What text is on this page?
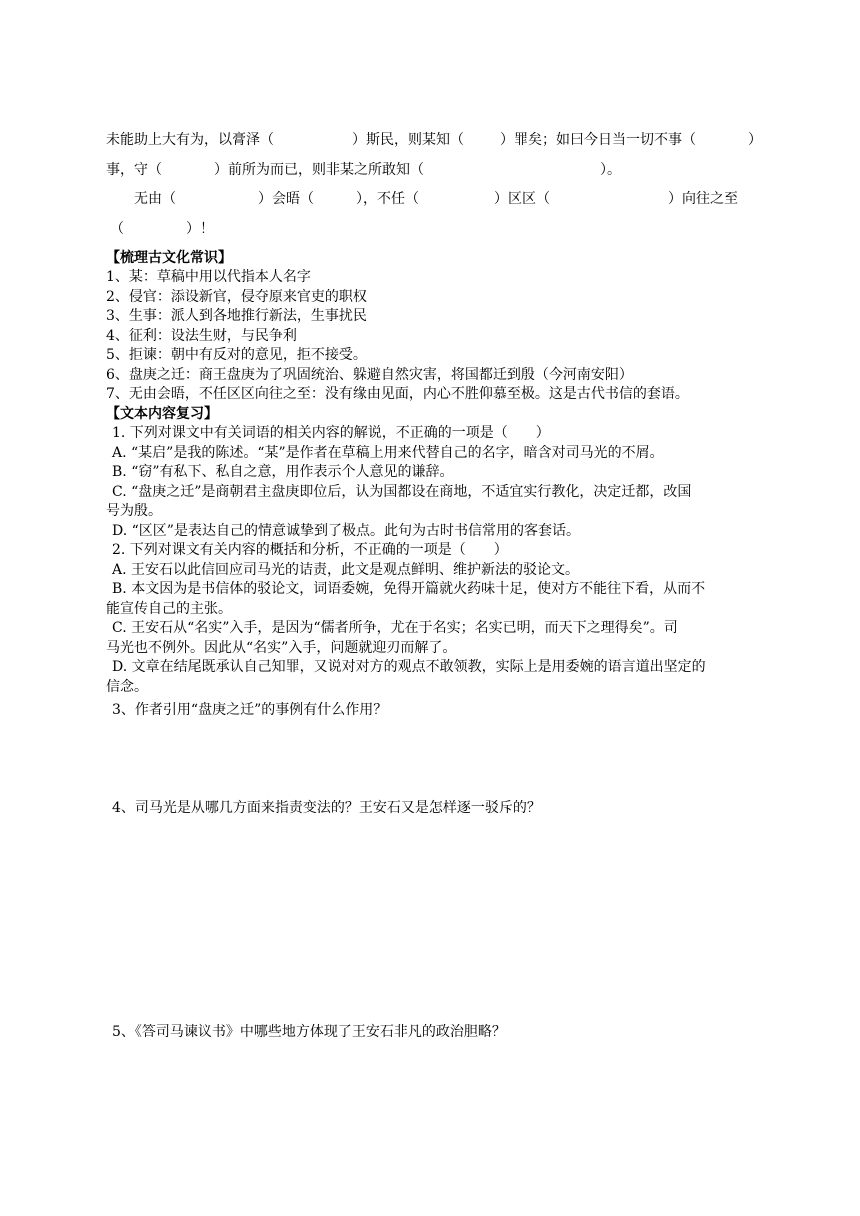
未能助上大有为，以膏泽（	）斯民，则某知（	）罪矣；如曰今日当一切不事（	）
事，守（	）前所为而已，则非某之所敢知（	）。
无由（	）会晤（	），不任（	）区区（	）向往之至
（	）！
【梳理古文化常识】
1、某：草稿中用以代指本人名字
2、侵官：添设新官，侵夺原来官吏的职权
3、生事：派人到各地推行新法，生事扰民
4、征利：设法生财，与民争利
5、拒谏：朝中有反对的意见，拒不接受。
6、盘庚之迁：商王盘庚为了巩固统治、躲避自然灾害，将国都迁到殷（今河南安阳）
7、无由会晤，不任区区向往之至：没有缘由见面，内心不胜仰慕至极。这是古代书信的套语。
【文本内容复习】
1. 下列对课文中有关词语的相关内容的解说，不正确的一项是（　　）
A. “某启”是我的陈述。“某”是作者在草稿上用来代替自己的名字，暗含对司马光的不屑。
B. “窃”有私下、私自之意，用作表示个人意见的谦辞。
C. “盘庚之迁”是商朝君主盘庚即位后，认为国都设在商地，不适宜实行教化，决定迁都，改国
号为殷。
D. “区区”是表达自己的情意诚挚到了极点。此句为古时书信常用的客套话。
2. 下列对课文有关内容的概括和分析，不正确的一项是（　　）
A. 王安石以此信回应司马光的诘责，此文是观点鲜明、维护新法的驳论文。
B. 本文因为是书信体的驳论文，词语委婉，免得开篇就火药味十足，使对方不能往下看，从而不
能宣传自己的主张。
C. 王安石从“名实”入手，是因为“儒者所争，尤在于名实；名实已明，而天下之理得矣”。司
马光也不例外。因此从“名实”入手，问题就迎刃而解了。
D. 文章在结尾既承认自己知罪，又说对对方的观点不敢领教，实际上是用委婉的语言道出坚定的
信念。
3、作者引用“盘庚之迁”的事例有什么作用？
4、司马光是从哪几方面来指责变法的？王安石又是怎样逐一驳斥的？
5、《答司马谏议书》中哪些地方体现了王安石非凡的政治胆略？
